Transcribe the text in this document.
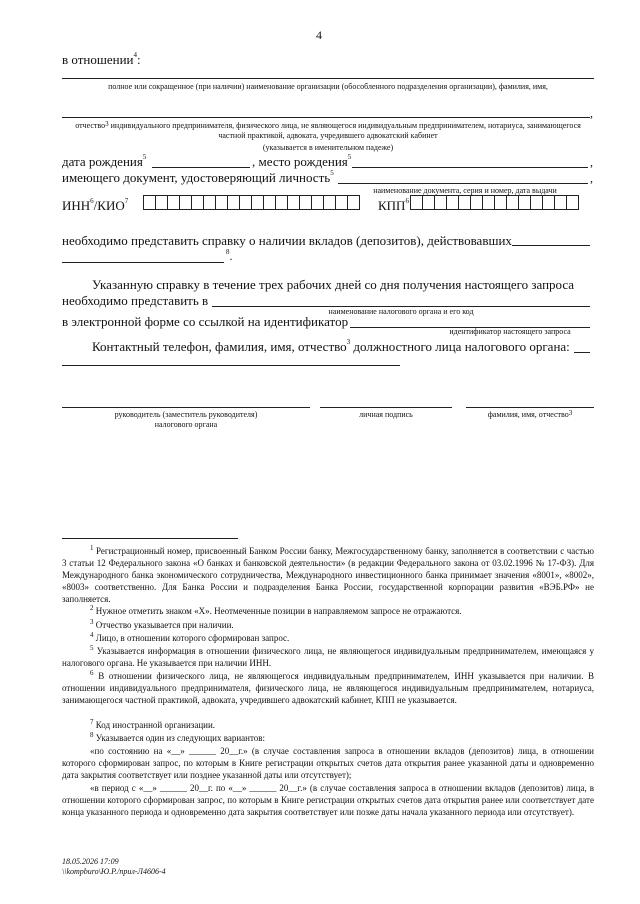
4
в отношении$^4$:
полное или сокращенное (при наличии) наименование организации (обособленного подразделения организации), фамилия, имя,
,
отчество$^3$ индивидуального предпринимателя, физического лица, не являющегося индивидуальным предпринимателем, нотариуса, занимающегося частной практикой, адвоката, учредившего адвокатский кабинет
(указывается в именительном падеже)
дата рождения$^5$	, место рождения$^5$	,
имеющего документ, удостоверяющий личность$^5$	,
наименование документа, серия и номер, дата выдачи
ИНН$^6$/КИО$^7$	КПП$^6$
необходимо представить справку о наличии вкладов (депозитов), действовавших
$^8$.
Указанную справку в течение трех рабочих дней со дня получения настоящего запроса
необходимо представить в
наименование налогового органа и его код
в электронной форме со ссылкой на идентификатор
идентификатор настоящего запроса
Контактный телефон, фамилия, имя, отчество$^3$ должностного лица налогового органа:
руководитель (заместитель руководителя)
налогового органа
личная подпись	фамилия, имя, отчество$^3$
$^1$ Регистрационный номер, присвоенный Банком России банку, Межгосударственному банку, заполняется в соответствии с частью 3 статьи 12 Федерального закона «О банках и банковской деятельности» (в редакции Федерального закона от 03.02.1996 № 17-ФЗ). Для Международного банка экономического сотрудничества, Международного инвестиционного банка принимает значения «8001», «8002», «8003» соответственно. Для Банка России и подразделения Банка России, государственной корпорации развития «ВЭБ.РФ» не заполняется.
$^2$ Нужное отметить знаком «Х». Неотмеченные позиции в направляемом запросе не отражаются.
$^3$ Отчество указывается при наличии.
$^4$ Лицо, в отношении которого сформирован запрос.
$^5$ Указывается информация в отношении физического лица, не являющегося индивидуальным предпринимателем, имеющаяся у налогового органа. Не указывается при наличии ИНН.
$^6$ В отношении физического лица, не являющегося индивидуальным предпринимателем, ИНН указывается при наличии. В отношении индивидуального предпринимателя, физического лица, не являющегося индивидуальным предпринимателем, нотариуса, занимающегося частной практикой, адвоката, учредившего адвокатский кабинет, КПП не указывается.
$^7$ Код иностранной организации.
$^8$ Указывается один из следующих вариантов:
«по состоянию на «__» ______ 20__г.» (в случае составления запроса в отношении вкладов (депозитов) лица, в отношении которого сформирован запрос, по которым в Книге регистрации открытых счетов дата открытия ранее указанной даты и одновременно дата закрытия соответствует или позднее указанной даты или отсутствует);
«в период с «__» ______ 20__г. по «__» ______ 20__г.» (в случае составления запроса в отношении вкладов (депозитов) лица, в отношении которого сформирован запрос, по которым в Книге регистрации открытых счетов дата открытия ранее или соответствует дате конца указанного периода и одновременно дата закрытия соответствует или позже даты начала указанного периода или отсутствует).
18.05.2026 17:09
\\kompburo\Ю.Р./прил-Л4606-4
